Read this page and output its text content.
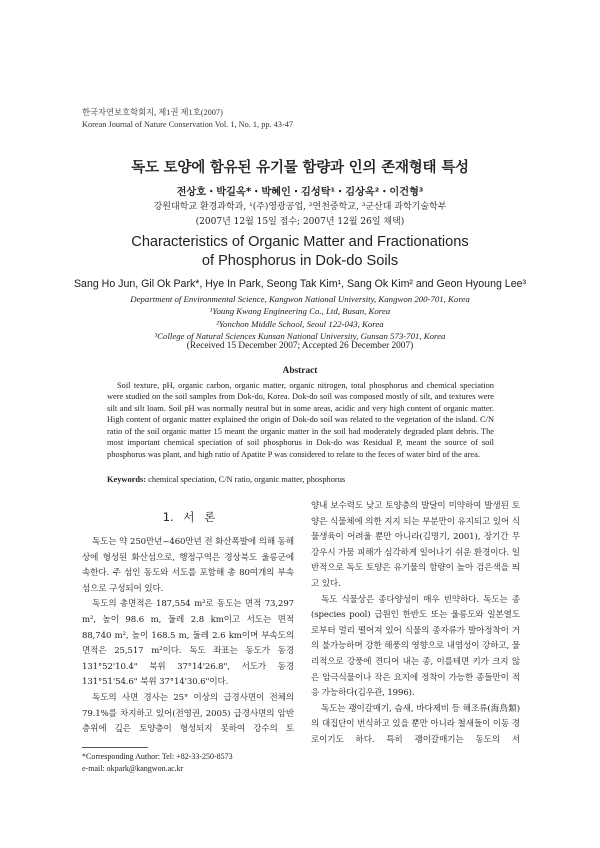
한국자연보호학회지, 제1권 제1호(2007)
Korean Journal of Nature Conservation Vol. 1, No. 1, pp. 43-47
독도 토양에 함유된 유기물 함량과 인의 존재형태 특성
전상호・박길옥*・박혜인・김성탁¹・김상옥²・이건형³
강원대학교 환경과학과, ¹(주)영광공업, ²연천중학교, ³군산대 과학기술학부
(2007년 12월 15일 접수; 2007년 12월 26일 채택)
Characteristics of Organic Matter and Fractionations
of Phosphorus in Dok-do Soils
Sang Ho Jun, Gil Ok Park*, Hye In Park, Seong Tak Kim¹, Sang Ok Kim² and Geon Hyoung Lee³
Department of Environmental Science, Kangwon National University, Kangwon 200-701, Korea
¹Young Kwang Engineering Co., Ltd, Busan, Korea
²Yonchon Middle School, Seoul 122-043, Korea
³College of Natural Sciences Kunsan National University, Gunsan 573-701, Korea
(Received 15 December 2007; Accepted 26 December 2007)
Abstract
Soil texture, pH, organic carbon, organic matter, organic nitrogen, total phosphorus and chemical speciation were studied on the soil samples from Dok-do, Korea. Dok-do soil was composed mostly of silt, and textures were silt and silt loam. Soil pH was normally neutral but in some areas, acidic and very high content of organic matter. High content of organic matter explained the origin of Dok-do soil was related to the vegetation of the island. C/N ratio of the soil organic matter 15 meant the organic matter in the soil had moderately degraded plant debris. The most important chemical speciation of soil phosphorus in Dok-do was Residual P, meant the source of soil phosphorus was plant, and high ratio of Apatite P was considered to relate to the feces of water bird of the area.
Keywords: chemical speciation, C/N ratio, organic matter, phosphorus
1. 서 론

독도는 약 250만년~460만년 전 화산폭발에 의해 동해상에 형성된 화산섬으로, 행정구역은 경상북도 울릉군에 속한다. 주 섬인 동도와 서도를 포함해 총 80여개의 부속 섬으로 구성되어 있다.

독도의 총면적은 187,554 m²로 동도는 면적 73,297 m², 높이 98.6 m, 둘레 2.8 km이고 서도는 면적 88,740 m², 높이 168.5 m, 둘레 2.6 km이며 부속도의 면적은 25,517 m²이다. 독도 좌표는 동도가 동경 131°52'10.4" 북위 37°14'26.8", 서도가 동경 131°51'54.6" 북위 37°14'30.6"이다.

독도의 사면 경사는 25° 이상의 급경사면이 전체의 79.1%를 차지하고 있어(전영권, 2005) 급경사면의 암반층위에 깊은 토양층이 형성되지 못하여 강수의 토

양내 보수력도 낮고 토양층의 발달이 미약하여 발생된 토양은 식물체에 의한 지지 되는 부분만이 유지되고 있어 식물생육이 어려울 뿐만 아니라(김명기, 2001), 장기간 무강우시 가뭄 피해가 심각하게 일어나기 쉬운 환경이다. 일반적으로 독도 토양은 유기물의 함량이 높아 검은색을 띄고 있다.

독도 식물상은 종다양성이 매우 빈약하다. 독도는 종(species pool) 급원인 한반도 또는 울릉도와 일본열도로부터 멀리 떨어져 있어 식물의 종자류가 발아정착이 거의 불가능하며 강한 해풍의 영향으로 내염성이 강하고, 물리적으로 강풍에 견디어 내는 종, 이를테면 키가 크지 않은 암극식물이나 작은 요지에 정착이 가능한 종들만이 적응 가능하다(김우관, 1996).

독도는 괭이갈매기, 슴새, 바다제비 등 해조류(海鳥類)의 대집단이 번식하고 있을 뿐만 아니라 철새들이 이동 경로이기도 하다. 특히 괭이갈매기는 동도의 서

*Corresponding Author: Tel: +82-33-250-8573
e-mail: okpark@kangwon.ac.kr
